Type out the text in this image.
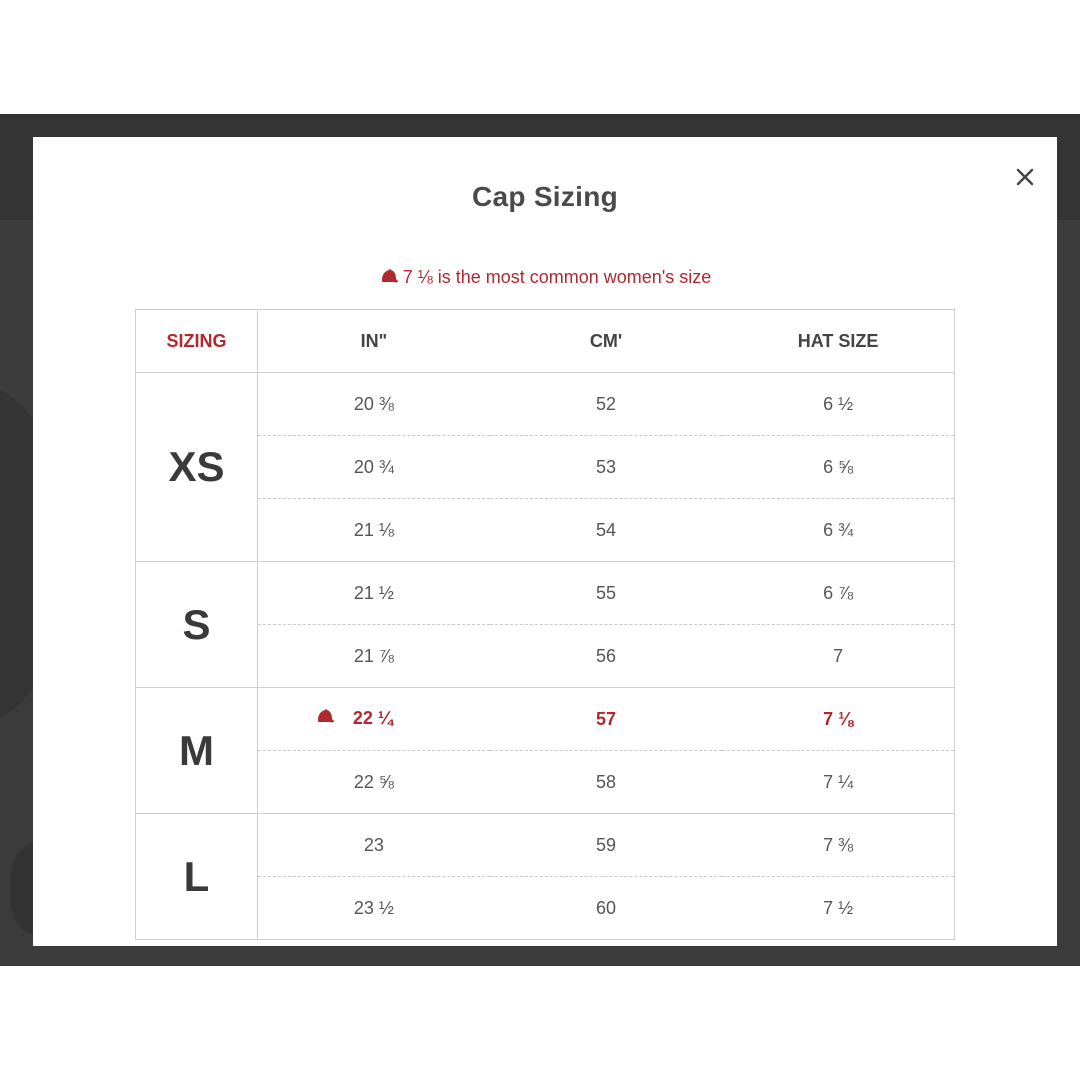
Cap Sizing
7 ⅛ is the most common women's size
SIZING	IN"	CM'	HAT SIZE
XS	20 ⅜	52	6 ½
	20 ¾	53	6 ⅝
	21 ⅛	54	6 ¾
S	21 ½	55	6 ⅞
	21 ⅞	56	7
M	22 ¼	57	7 ⅛
	22 ⅝	58	7 ¼
L	23	59	7 ⅜
	23 ½	60	7 ½
